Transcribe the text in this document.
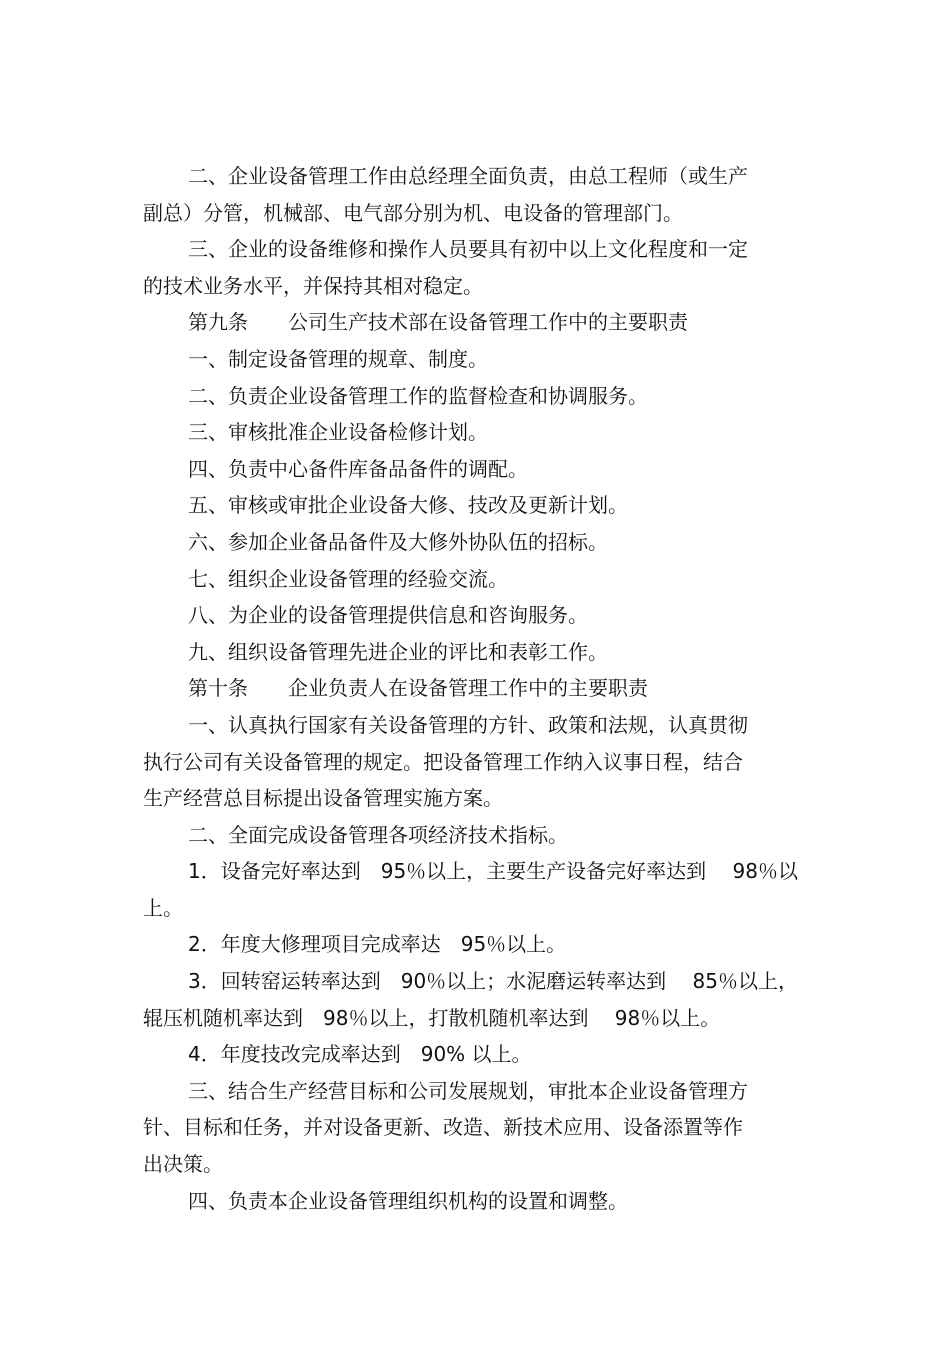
二、企业设备管理工作由总经理全面负责，由总工程师（或生产
副总）分管，机械部、电气部分别为机、电设备的管理部门。
三、企业的设备维修和操作人员要具有初中以上文化程度和一定
的技术业务水平，并保持其相对稳定。
第九条　　公司生产技术部在设备管理工作中的主要职责
一、制定设备管理的规章、制度。
二、负责企业设备管理工作的监督检查和协调服务。
三、审核批准企业设备检修计划。
四、负责中心备件库备品备件的调配。
五、审核或审批企业设备大修、技改及更新计划。
六、参加企业备品备件及大修外协队伍的招标。
七、组织企业设备管理的经验交流。
八、为企业的设备管理提供信息和咨询服务。
九、组织设备管理先进企业的评比和表彰工作。
第十条　　企业负责人在设备管理工作中的主要职责
一、认真执行国家有关设备管理的方针、政策和法规，认真贯彻
执行公司有关设备管理的规定。把设备管理工作纳入议事日程，结合
生产经营总目标提出设备管理实施方案。
二、全面完成设备管理各项经济技术指标。
1．设备完好率达到　95％以上，主要生产设备完好率达到　 98％以
上。
2．年度大修理项目完成率达　95％以上。
3．回转窑运转率达到　90％以上；水泥磨运转率达到　 85％以上，
辊压机随机率达到　98％以上，打散机随机率达到　 98％以上。
4．年度技改完成率达到　90% 以上。
三、结合生产经营目标和公司发展规划，审批本企业设备管理方
针、目标和任务，并对设备更新、改造、新技术应用、设备添置等作
出决策。
四、负责本企业设备管理组织机构的设置和调整。
